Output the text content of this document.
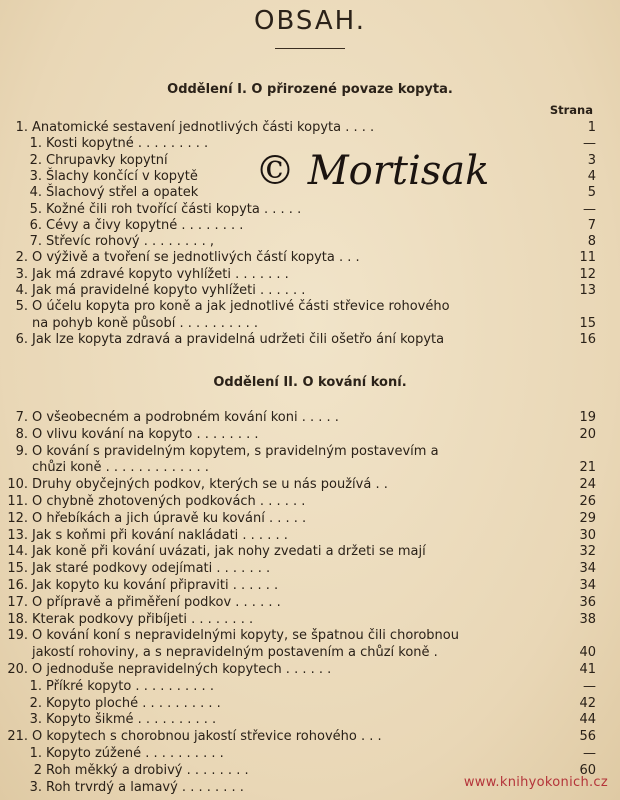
OBSAH.
Oddělení I. O přirozené povaze kopyta.
Strana
1. Anatomické sestavení jednotlivých části kopyta . . . .	1
1. Kosti kopytné . . . . . . . . .	—
2. Chrupavky kopytní	3
3. Šlachy končící v kopytě	4
4. Šlachový střel a opatek	5
5. Kožné čili roh tvořící části kopyta . . . . .	—
6. Cévy a čivy kopytné . . . . . . . .	7
7. Střevíc rohový . . . . . . . . ,	8
2. O výživě a tvoření se jednotlivých částí kopyta . . .	11
3. Jak má zdravé kopyto vyhlížeti . . . . . . .	12
4. Jak má pravidelné kopyto vyhlížeti . . . . . .	13
5. O účelu kopyta pro koně a jak jednotlivé části střevice rohového
na pohyb koně působí . . . . . . . . . .	15
6. Jak lze kopyta zdravá a pravidelná udržeti čili ošetřo ání kopyta	16
Oddělení II. O kování koní.
7. O všeobecném a podrobném kování koni . . . . .	19
8. O vlivu kování na kopyto . . . . . . . .	20
9. O kování s pravidelným kopytem, s pravidelným postavevím a
chůzi koně . . . . . . . . . . . . .	21
10. Druhy obyčejných podkov, kterých se u nás používá . .	24
11. O chybně zhotovených podkovách . . . . . .	26
12. O hřebíkách a jich úpravě ku kování . . . . .	29
13. Jak s koňmi při kování nakládati . . . . . .	30
14. Jak koně při kování uvázati, jak nohy zvedati a držeti se mají	32
15. Jak staré podkovy odejímati . . . . . . .	34
16. Jak kopyto ku kování připraviti . . . . . .	34
17. O přípravě a přiměření podkov . . . . . .	36
18. Kterak podkovy přibíjeti . . . . . . . .	38
19. O kování koní s nepravidelnými kopyty, se špatnou čili chorobnou
jakostí rohoviny, a s nepravidelným postavením a chůzí koně .	40
20. O jednoduše nepravidelných kopytech . . . . . .	41
1. Příkré kopyto . . . . . . . . . .	—
2. Kopyto ploché . . . . . . . . . .	42
3. Kopyto šikmé . . . . . . . . . .	44
21. O kopytech s chorobnou jakostí střevice rohového . . .	56
1. Kopyto zúžené . . . . . . . . . .	—
2 Roh měkký a drobivý . . . . . . . .	60
3. Roh trvrdý a lamavý . . . . . . . .
© Mortisak
www.knihyokonich.cz
